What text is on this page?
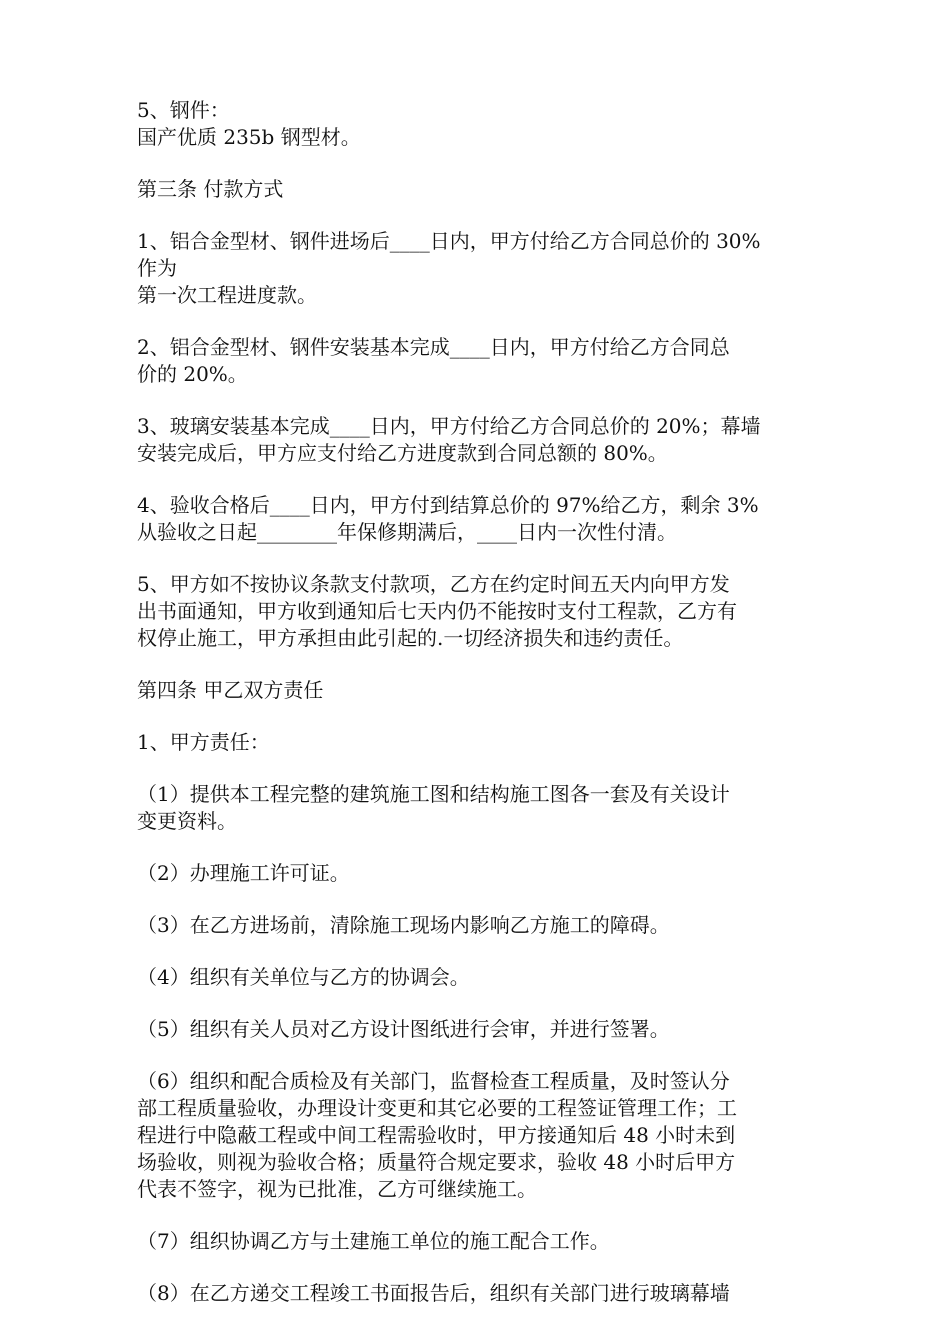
5、钢件：
国产优质 235b 钢型材。
第三条 付款方式
1、铝合金型材、钢件进场后____日内，甲方付给乙方合同总价的 30%
作为
第一次工程进度款。
2、铝合金型材、钢件安装基本完成____日内，甲方付给乙方合同总
价的 20%。
3、玻璃安装基本完成____日内，甲方付给乙方合同总价的 20%；幕墙
安装完成后，甲方应支付给乙方进度款到合同总额的 80%。
4、验收合格后____日内，甲方付到结算总价的 97%给乙方，剩余 3%
从验收之日起________年保修期满后，____日内一次性付清。
5、甲方如不按协议条款支付款项，乙方在约定时间五天内向甲方发
出书面通知，甲方收到通知后七天内仍不能按时支付工程款，乙方有
权停止施工，甲方承担由此引起的.一切经济损失和违约责任。
第四条 甲乙双方责任
1、甲方责任：
（1）提供本工程完整的建筑施工图和结构施工图各一套及有关设计
变更资料。
（2）办理施工许可证。
（3）在乙方进场前，清除施工现场内影响乙方施工的障碍。
（4）组织有关单位与乙方的协调会。
（5）组织有关人员对乙方设计图纸进行会审，并进行签署。
（6）组织和配合质检及有关部门，监督检查工程质量，及时签认分
部工程质量验收，办理设计变更和其它必要的工程签证管理工作；工
程进行中隐蔽工程或中间工程需验收时，甲方接通知后 48 小时未到
场验收，则视为验收合格；质量符合规定要求，验收 48 小时后甲方
代表不签字，视为已批准，乙方可继续施工。
（7）组织协调乙方与土建施工单位的施工配合工作。
（8）在乙方递交工程竣工书面报告后，组织有关部门进行玻璃幕墙
